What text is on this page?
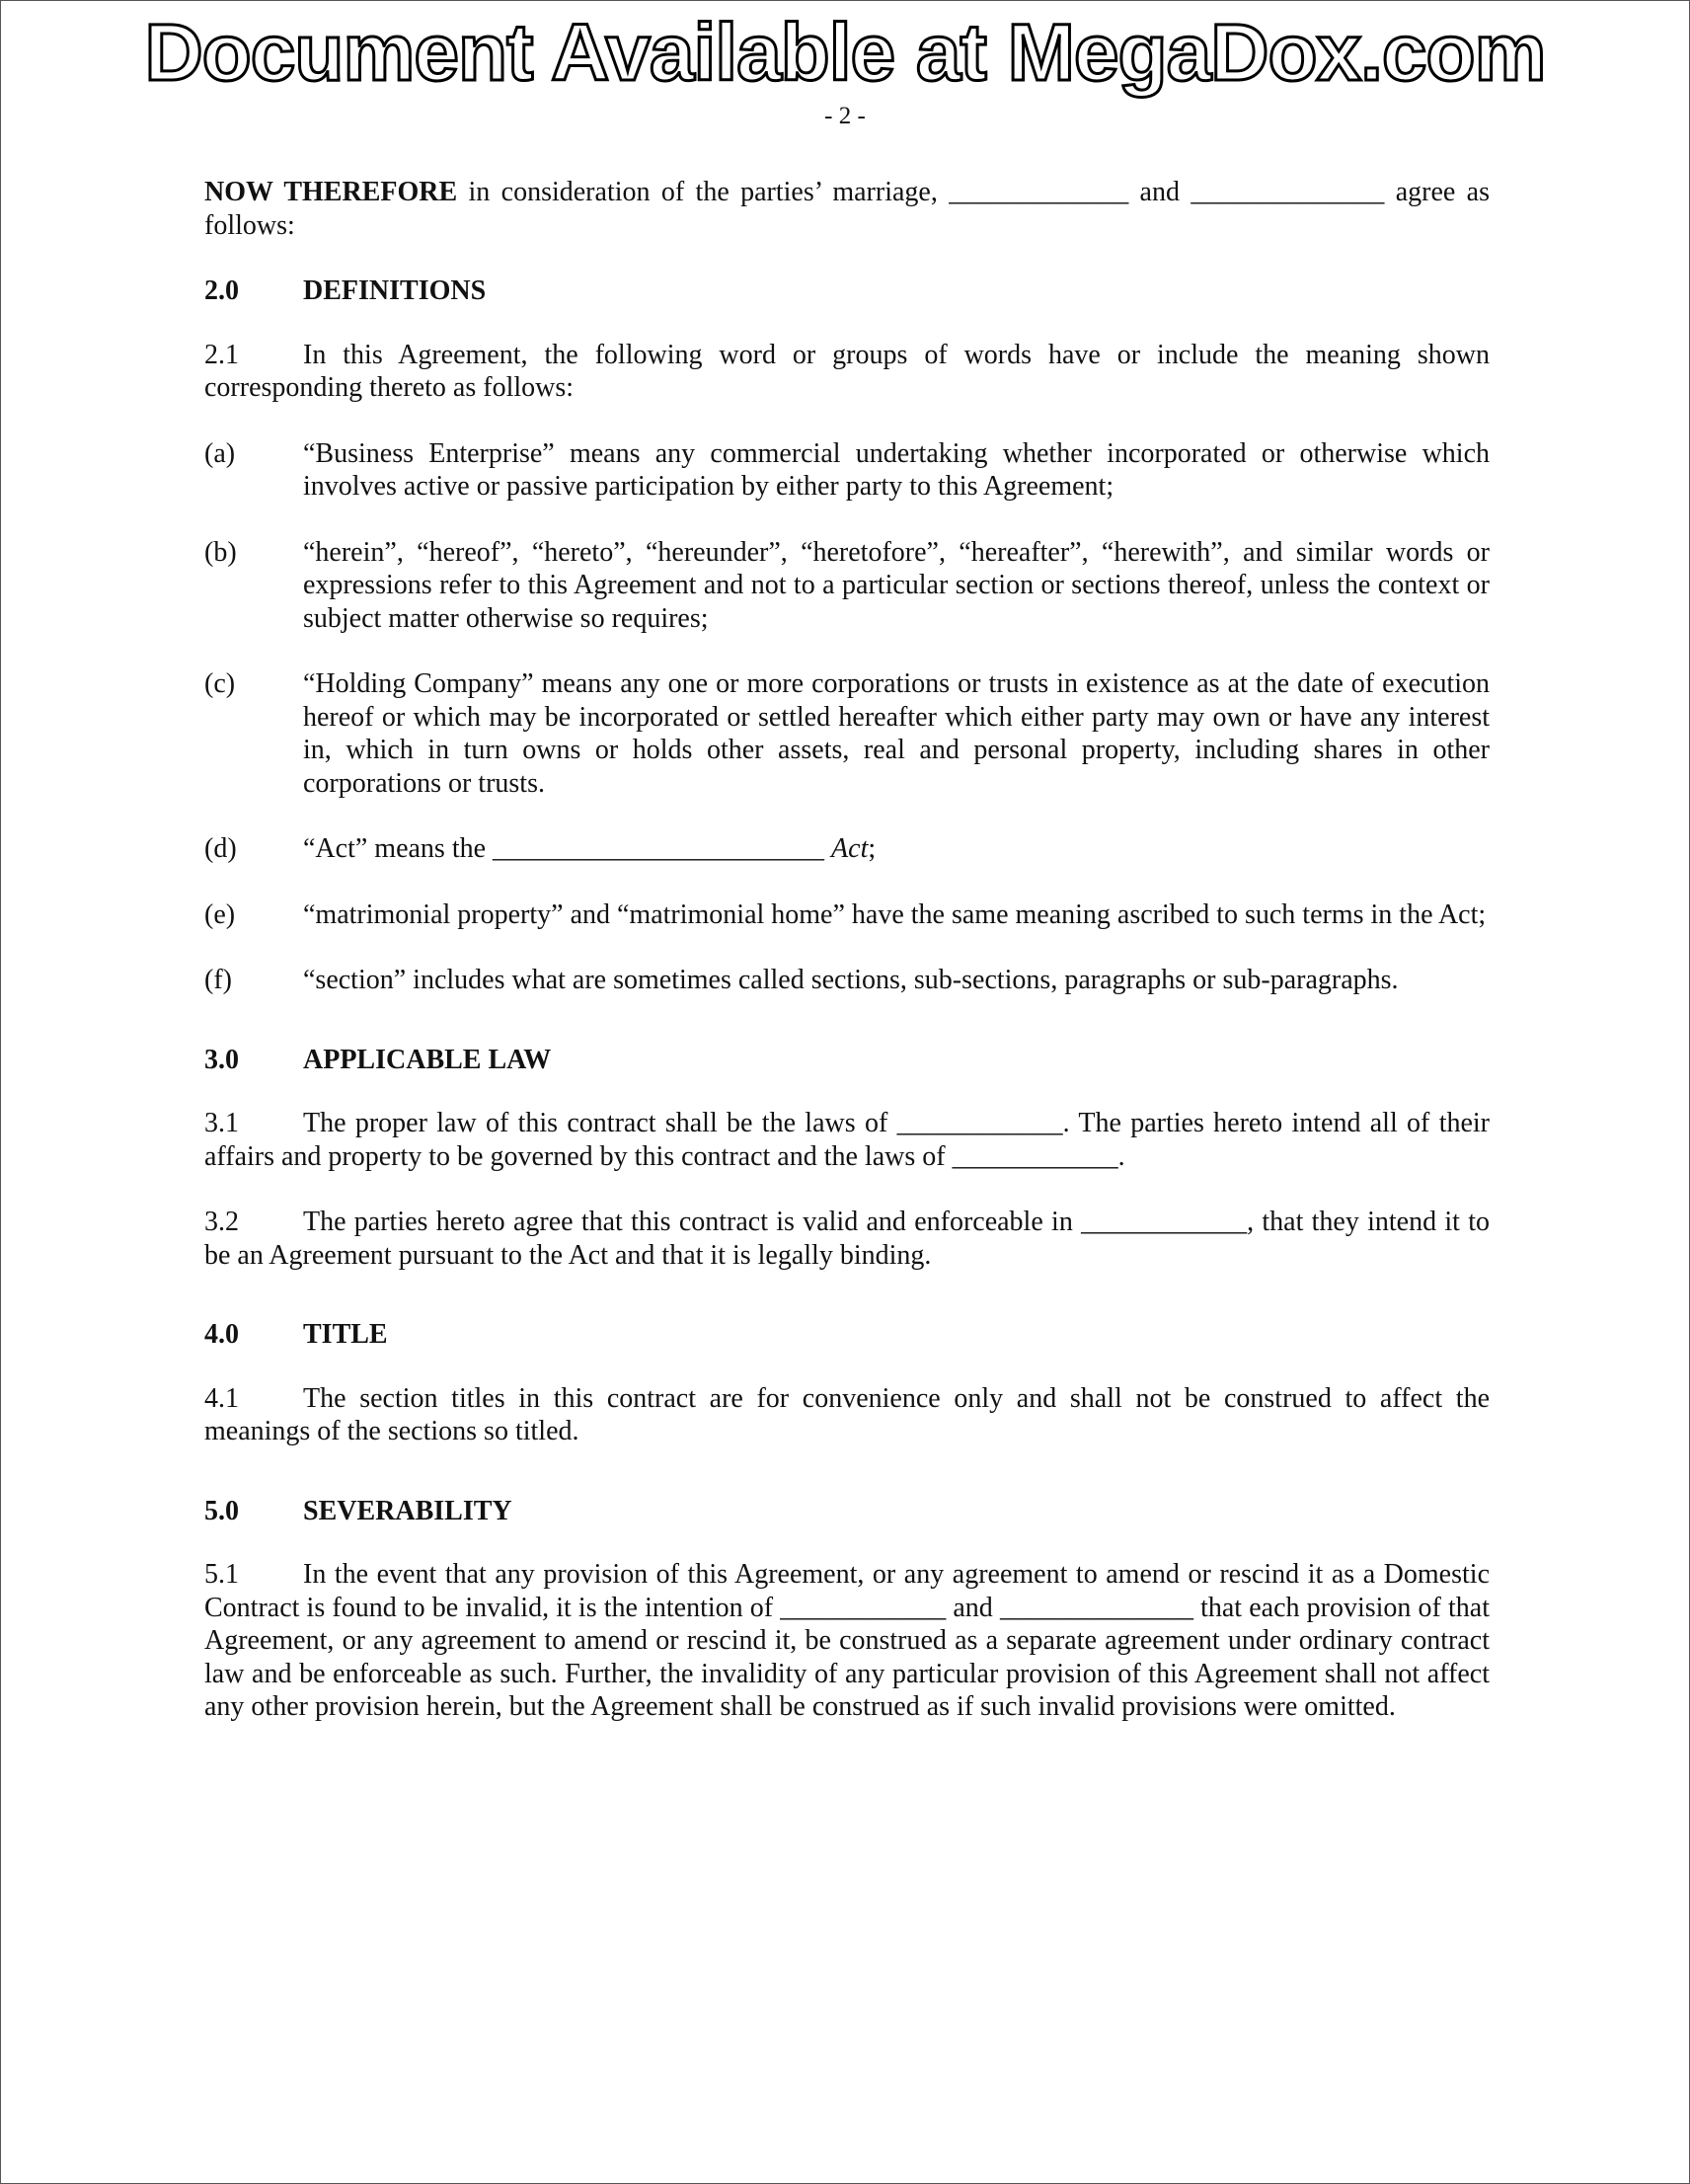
Document Available at MegaDox.com
- 2 -

NOW THEREFORE in consideration of the parties’ marriage, _____________ and ______________ agree as follows:

2.0	DEFINITIONS

2.1 In this Agreement, the following word or groups of words have or include the meaning shown corresponding thereto as follows:

(a)	“Business Enterprise” means any commercial undertaking whether incorporated or otherwise which involves active or passive participation by either party to this Agreement;
(b)	“herein”, “hereof”, “hereto”, “hereunder”, “heretofore”, “hereafter”, “herewith”, and similar words or expressions refer to this Agreement and not to a particular section or sections thereof, unless the context or subject matter otherwise so requires;
(c)	“Holding Company” means any one or more corporations or trusts in existence as at the date of execution hereof or which may be incorporated or settled hereafter which either party may own or have any interest in, which in turn owns or holds other assets, real and personal property, including shares in other corporations or trusts.
(d)	“Act” means the ________________________ Act;
(e)	“matrimonial property” and “matrimonial home” have the same meaning ascribed to such terms in the Act;
(f)	“section” includes what are sometimes called sections, sub-sections, paragraphs or sub-paragraphs.
3.0	APPLICABLE LAW

3.1 The proper law of this contract shall be the laws of ____________. The parties hereto intend all of their affairs and property to be governed by this contract and the laws of ____________.

3.2 The parties hereto agree that this contract is valid and enforceable in ____________, that they intend it to be an Agreement pursuant to the Act and that it is legally binding.

4.0	TITLE

4.1 The section titles in this contract are for convenience only and shall not be construed to affect the meanings of the sections so titled.

5.0	SEVERABILITY

5.1 In the event that any provision of this Agreement, or any agreement to amend or rescind it as a Domestic Contract is found to be invalid, it is the intention of ____________ and ______________ that each provision of that Agreement, or any agreement to amend or rescind it, be construed as a separate agreement under ordinary contract law and be enforceable as such. Further, the invalidity of any particular provision of this Agreement shall not affect any other provision herein, but the Agreement shall be construed as if such invalid provisions were omitted.
